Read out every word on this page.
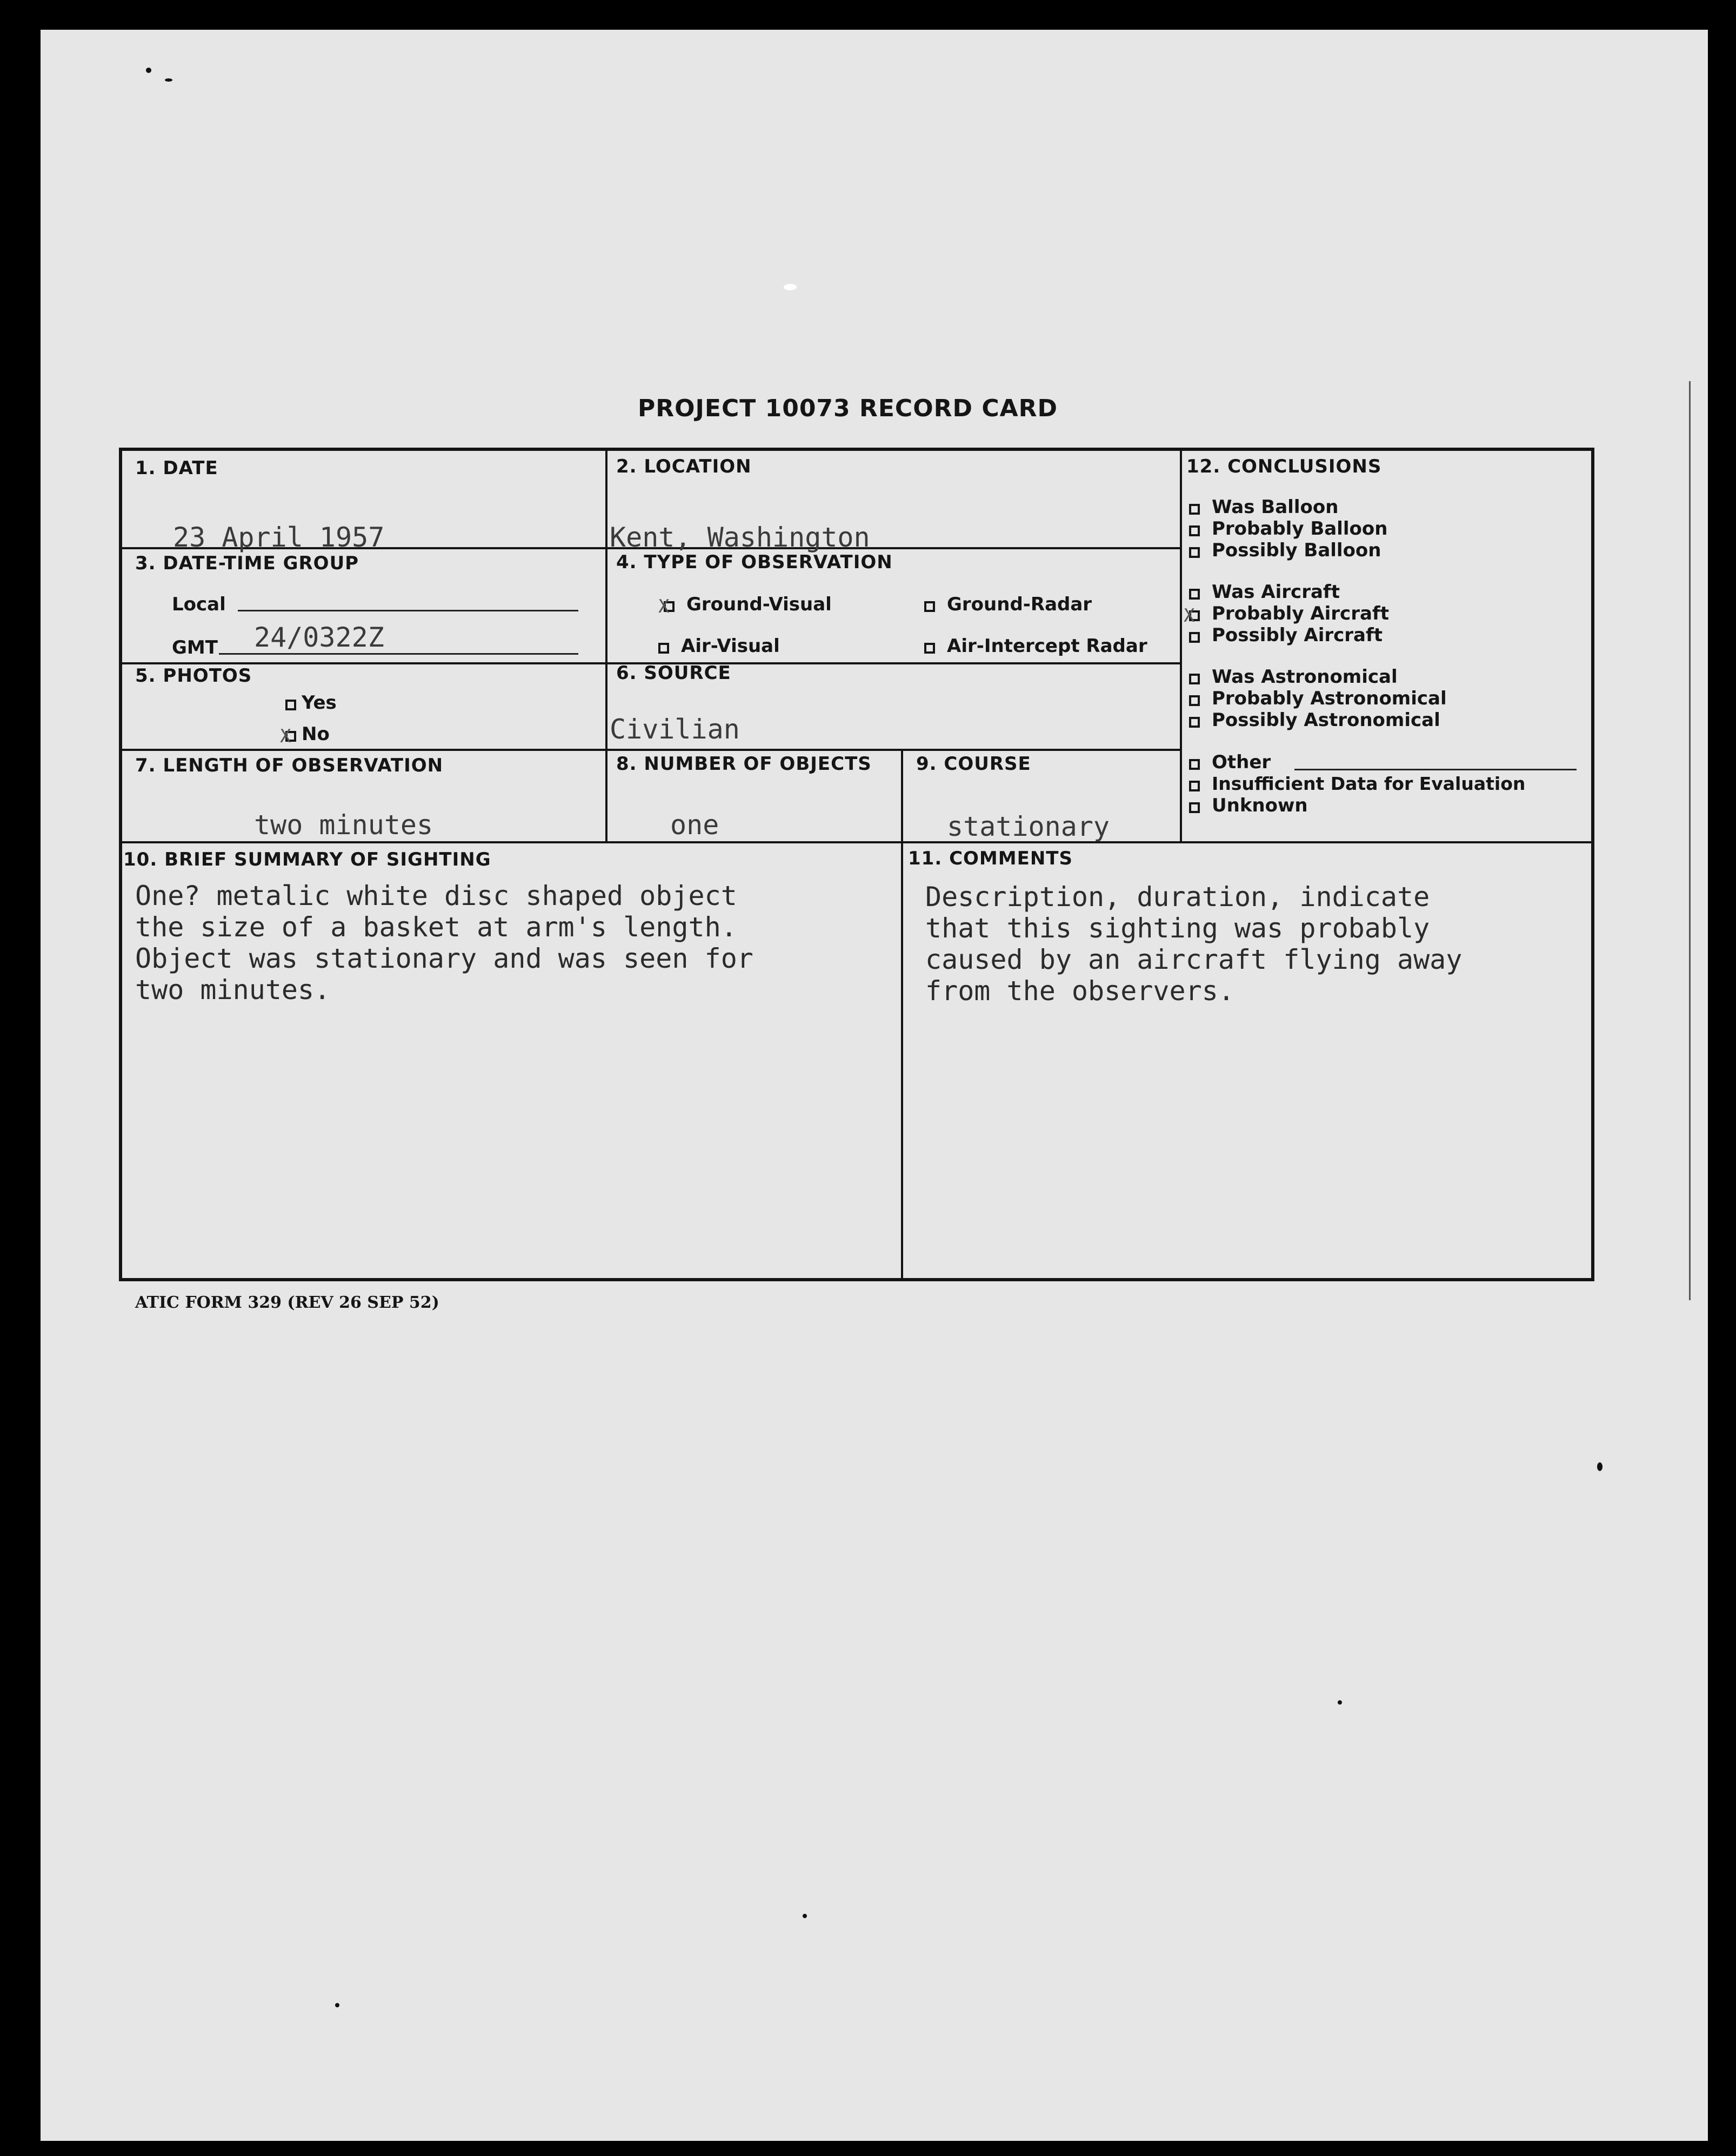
PROJECT 10073 RECORD CARD
1. DATE
23 April 1957
2. LOCATION
Kent, Washington
3. DATE-TIME GROUP
Local
GMT 24/0322Z
4. TYPE OF OBSERVATION
XGround-Visual	Ground-Radar
Air-Visual	Air-Intercept Radar
5. PHOTOS
Yes
XNo
6. SOURCE
Civilian
7. LENGTH OF OBSERVATION
two minutes
8. NUMBER OF OBJECTS
one
9. COURSE
stationary
10. BRIEF SUMMARY OF SIGHTING
One? metalic white disc shaped object
the size of a basket at arm's length.
Object was stationary and was seen for
two minutes.
11. COMMENTS
Description, duration, indicate
that this sighting was probably
caused by an aircraft flying away
from the observers.
12. CONCLUSIONS
Was Balloon
Probably Balloon
Possibly Balloon
Was Aircraft
XProbably Aircraft
Possibly Aircraft
Was Astronomical
Probably Astronomical
Possibly Astronomical
Other
Insufficient Data for Evaluation
Unknown
ATIC FORM 329 (REV 26 SEP 52)
